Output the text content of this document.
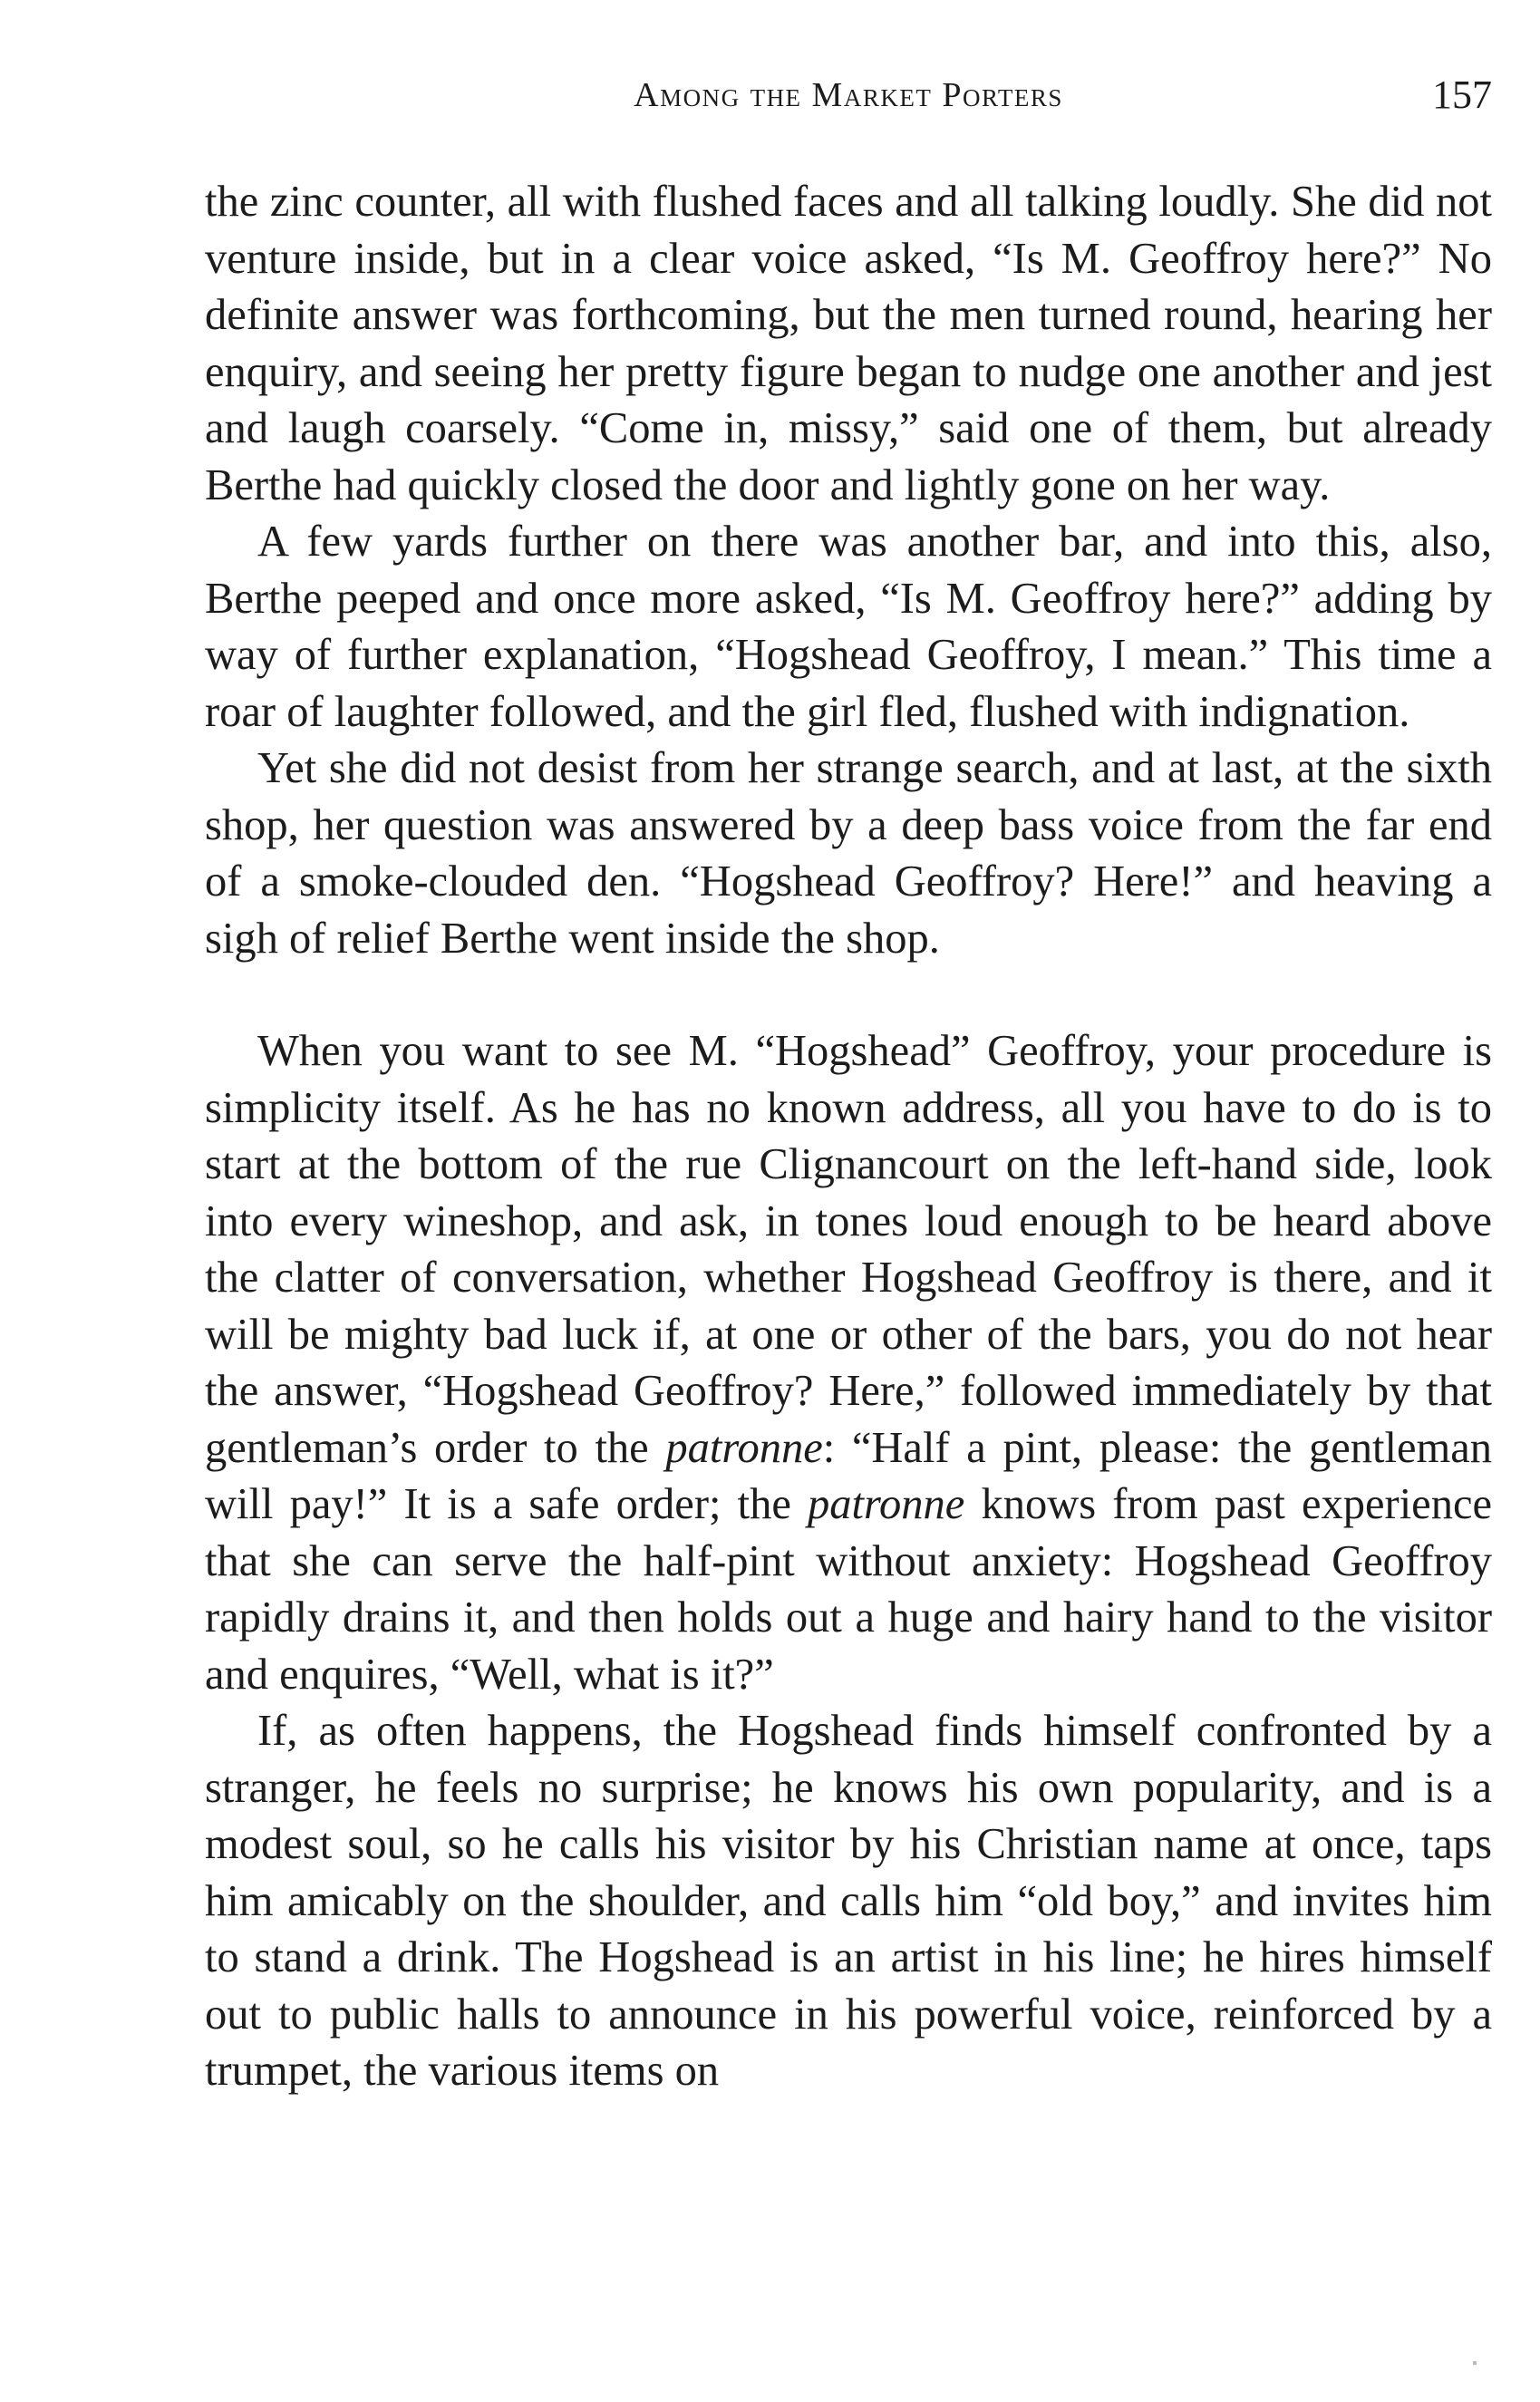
Among the Market Porters	157

the zinc counter, all with flushed faces and all talking loudly. She did not venture inside, but in a clear voice asked, “Is M. Geoffroy here?” No definite answer was forthcoming, but the men turned round, hearing her enquiry, and seeing her pretty figure began to nudge one another and jest and laugh coarsely. “Come in, missy,” said one of them, but already Berthe had quickly closed the door and lightly gone on her way.

A few yards further on there was another bar, and into this, also, Berthe peeped and once more asked, “Is M. Geoffroy here?” adding by way of further explanation, “Hogshead Geoffroy, I mean.” This time a roar of laughter followed, and the girl fled, flushed with indignation.

Yet she did not desist from her strange search, and at last, at the sixth shop, her question was answered by a deep bass voice from the far end of a smoke-clouded den. “Hogshead Geoffroy? Here!” and heaving a sigh of relief Berthe went inside the shop.

When you want to see M. “Hogshead” Geoffroy, your procedure is simplicity itself. As he has no known address, all you have to do is to start at the bottom of the rue Clignancourt on the left-hand side, look into every wineshop, and ask, in tones loud enough to be heard above the clatter of conversation, whether Hogshead Geoffroy is there, and it will be mighty bad luck if, at one or other of the bars, you do not hear the answer, “Hogshead Geoffroy? Here,” followed immediately by that gentleman’s order to the patronne: “Half a pint, please: the gentleman will pay!” It is a safe order; the patronne knows from past experience that she can serve the half-pint without anxiety: Hogshead Geoffroy rapidly drains it, and then holds out a huge and hairy hand to the visitor and enquires, “Well, what is it?”

If, as often happens, the Hogshead finds himself confronted by a stranger, he feels no surprise; he knows his own popularity, and is a modest soul, so he calls his visitor by his Christian name at once, taps him amicably on the shoulder, and calls him “old boy,” and invites him to stand a drink. The Hogshead is an artist in his line; he hires himself out to public halls to announce in his powerful voice, reinforced by a trumpet, the various items on
